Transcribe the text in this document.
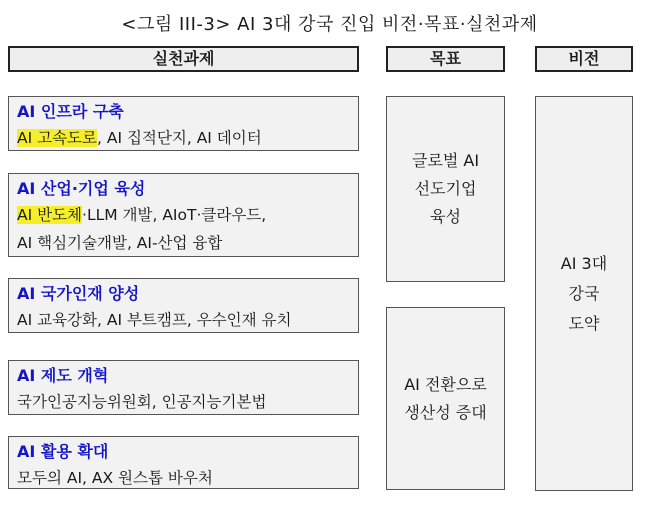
<그림 III-3> AI 3대 강국 진입 비전·목표·실천과제
실천과제	목표	비전
AI 인프라 구축
AI 고속도로, AI 집적단지, AI 데이터
AI 산업·기업 육성
AI 반도체·LLM 개발, AIoT·클라우드,
AI 핵심기술개발, AI-산업 융합
AI 국가인재 양성
AI 교육강화, AI 부트캠프, 우수인재 유치
AI 제도 개혁
국가인공지능위원회, 인공지능기본법
AI 활용 확대
모두의 AI, AX 원스톱 바우처
글로벌 AI
선도기업
육성
AI 전환으로
생산성 증대
AI 3대
강국
도약
